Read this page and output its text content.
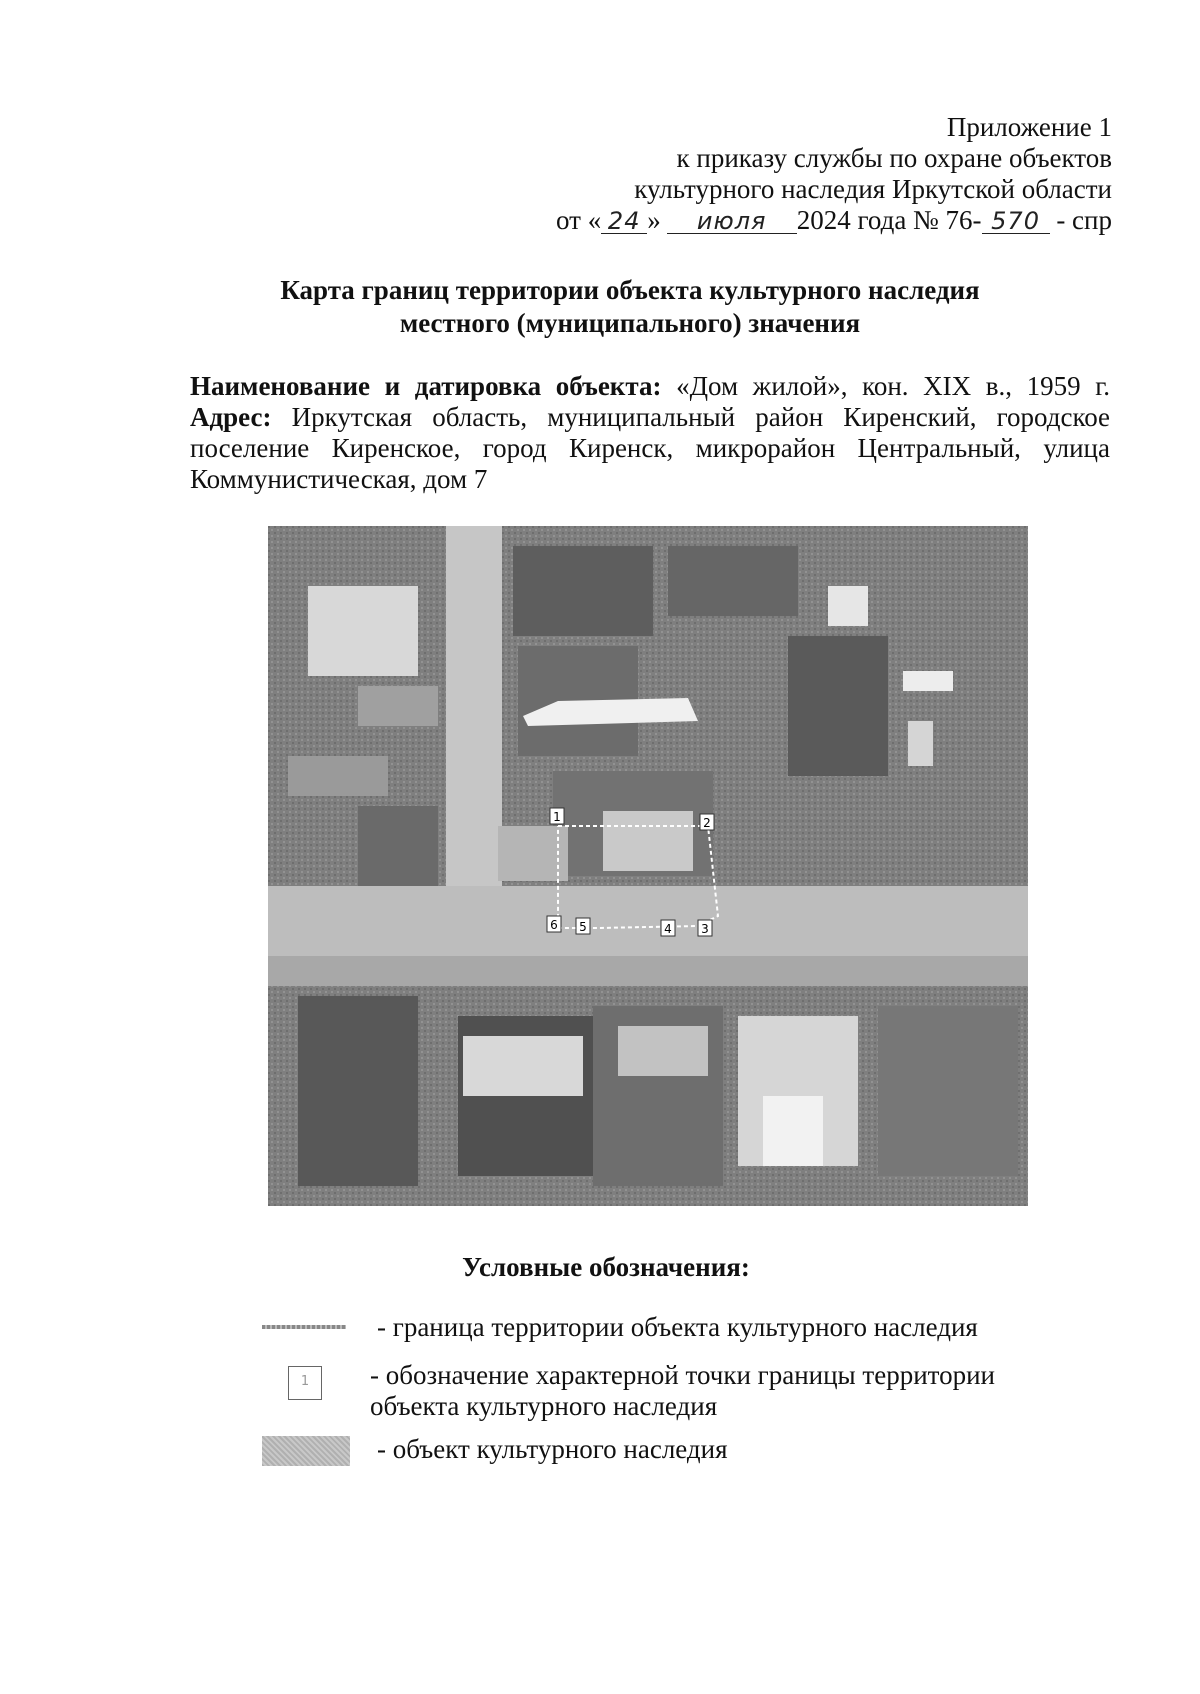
Приложение 1
к приказу службы по охране объектов
культурного наследия Иркутской области
от « 24 » июля 2024 года № 76- 570 - спр
Карта границ территории объекта культурного наследия
местного (муниципального) значения

Наименование и датировка объекта: «Дом жилой», кон. XIX в., 1959 г.

Адрес: Иркутская область, муниципальный район Киренский, городское поселение Киренское, город Киренск, микрорайон Центральный, улица Коммунистическая, дом 7

1	2
3
4
5
6
Условные обозначения:
- граница территории объекта культурного наследия
1	- обозначение характерной точки границы территории объекта культурного наследия
- объект культурного наследия
